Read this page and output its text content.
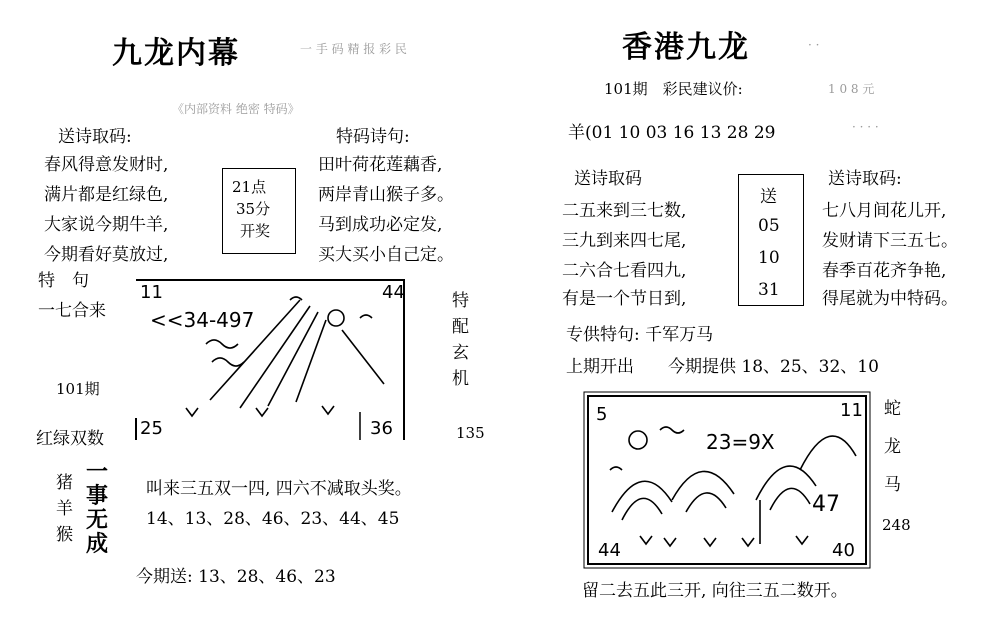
九龙内幕	一 手 码 精 报 彩 民
《内部资料 绝密 特码》
送诗取码:
春风得意发财时,
满片都是红绿色,
大家说今期牛羊,
今期看好莫放过,
21点
35分
开奖
特码诗句:
田叶荷花莲藕香,
两岸青山猴子多。
马到成功必定发,
买大买小自己定。
特　句
一七合来
101期
红绿双数
11	44
25	36
<<34-497
特
配
玄
机
135
猪
羊
猴
一
事
无
成
叫来三五双一四, 四六不减取头奖。
14、13、28、46、23、44、45
今期送: 13、28、46、23
香港九龙	· ·
101期　彩民建议价:	1 0 8 元
羊(01 10 03 16 13 28 29	· · · ·
送诗取码	送诗取码:
二五来到三七数,
三九到来四七尾,
二六合七看四九,
有是一个节日到,
送
05
10
31
七八月间花儿开,
发财请下三五七。
春季百花齐争艳,
得尾就为中特码。
专供特句: 千军万马
上期开出　　今期提供 18、25、32、10
5	11
44	40
23=9X
47
蛇
龙
马
248
留二去五此三开, 向往三五二数开。
